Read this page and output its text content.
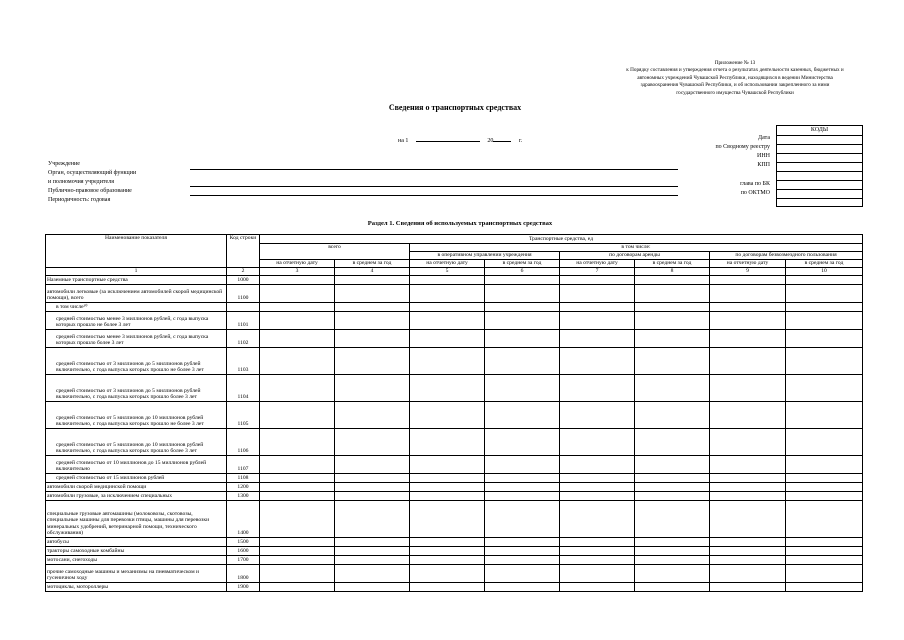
Приложение № 13
к Порядку составления и утверждения отчета о результатах деятельности казенных, бюджетных и
автономных учреждений Чувашской Республики, находящихся в ведении Министерства
здравоохранения Чувашской Республики, и об использовании закрепленного за ними
государственного имущества Чувашской Республики
Сведения о транспортных средствах
на 1	20	г.	Дата
по Сводному реестру
ИНН
КПП
глава по БК
по ОКТМО
КОДЫ
Учреждение
Орган, осуществляющий функции
и полномочия учредителя
Публично-правовое образование
Периодичность: годовая
Раздел 1. Сведения об используемых транспортных средствах
Наименование показателя	Код строки	Транспортные средства, ед							
		всего		в том числе:					
				в оперативном управлении учреждения		по договорам аренды		по договорам безвозмездного пользования	
		на отчетную дату	в среднем за год	на отчетную дату	в среднем за год	на отчетную дату	в среднем за год	на отчетную дату	в среднем за год
1	2	3	4	5	6	7	8	9	10
Наземные транспортные средства	1000								
автомобили легковые (за исключением автомобилей скорой медицинской помощи), всего	1100								
в том числе¹⁰									
средней стоимостью менее 3 миллионов рублей, с года выпуска которых прошло не более 3 лет	1101								
средней стоимостью менее 3 миллионов рублей, с года выпуска которых прошло более 3 лет	1102								
средней стоимостью от 3 миллионов до 5 миллионов рублей включительно, с года выпуска которых прошло не более 3 лет	1103								
средней стоимостью от 3 миллионов до 5 миллионов рублей включительно, с года выпуска которых прошло более 3 лет	1104								
средней стоимостью от 5 миллионов до 10 миллионов рублей включительно, с года выпуска которых прошло не более 3 лет	1105								
средней стоимостью от 5 миллионов до 10 миллионов рублей включительно, с года выпуска которых прошло более 3 лет	1106								
средней стоимостью от 10 миллионов до 15 миллионов рублей включительно	1107								
средней стоимостью от 15 миллионов рублей	1108								
автомобили скорой медицинской помощи	1200								
автомобили грузовые, за исключением специальных	1300								
специальные грузовые автомашины (молоковозы, скотовозы, специальные машины для перевозки птицы, машины для перевозки минеральных удобрений, ветеринарной помощи, технического обслуживания)	1400								
автобусы	1500								
тракторы самоходные комбайны	1600								
мотосани, снегоходы	1700								
прочие самоходные машины и механизмы на пневматическом и гусеничном ходу	1800								
мотоциклы, мотороллеры	1900								
